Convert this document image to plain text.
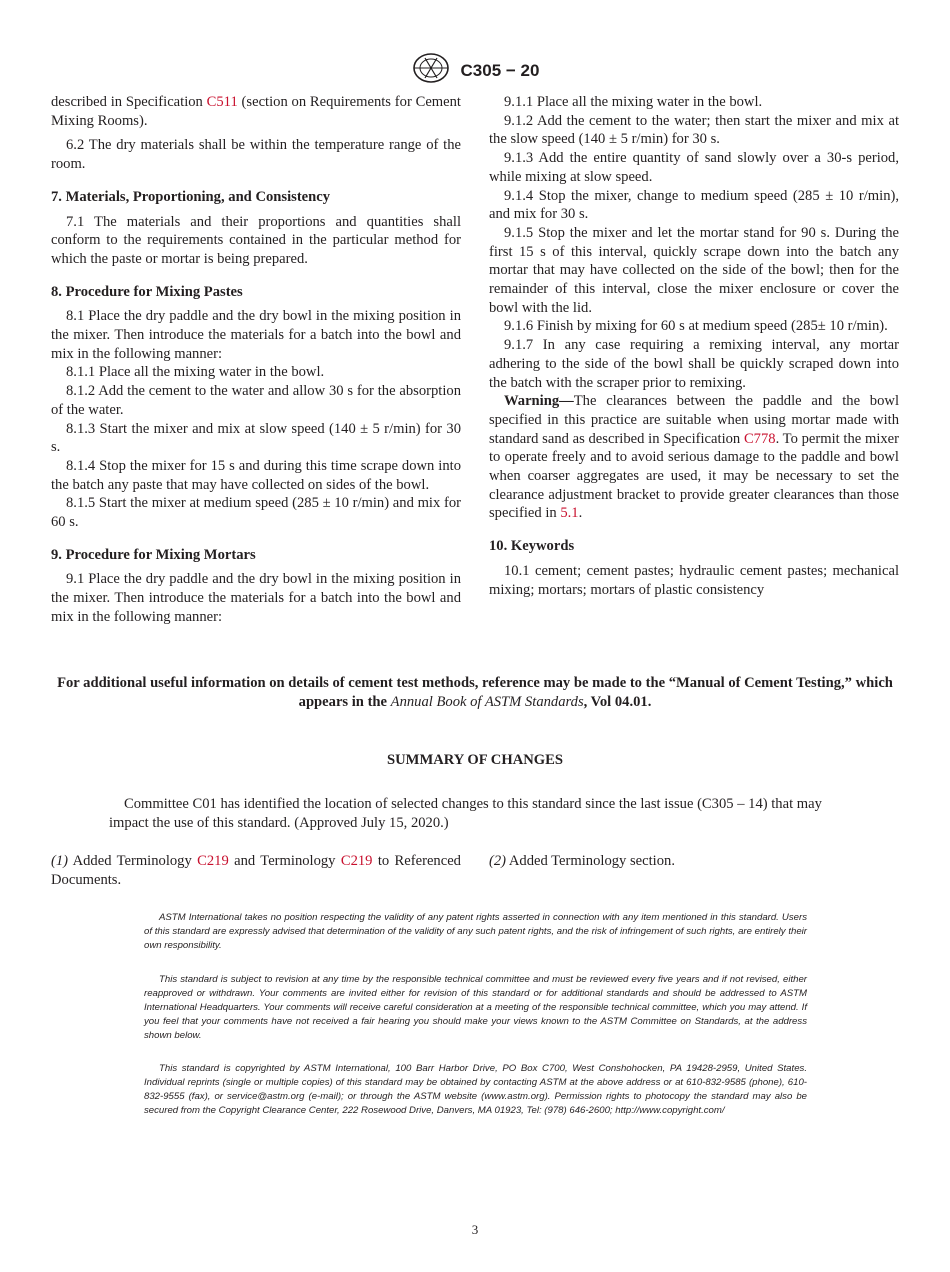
C305 − 20

described in Specification C511 (section on Requirements for Cement Mixing Rooms).

6.2 The dry materials shall be within the temperature range of the room.

7. Materials, Proportioning, and Consistency

7.1 The materials and their proportions and quantities shall conform to the requirements contained in the particular method for which the paste or mortar is being prepared.

8. Procedure for Mixing Pastes

8.1 Place the dry paddle and the dry bowl in the mixing position in the mixer. Then introduce the materials for a batch into the bowl and mix in the following manner:

8.1.1 Place all the mixing water in the bowl.

8.1.2 Add the cement to the water and allow 30 s for the absorption of the water.

8.1.3 Start the mixer and mix at slow speed (140 ± 5 r/min) for 30 s.

8.1.4 Stop the mixer for 15 s and during this time scrape down into the batch any paste that may have collected on sides of the bowl.

8.1.5 Start the mixer at medium speed (285 ± 10 r/min) and mix for 60 s.

9. Procedure for Mixing Mortars

9.1 Place the dry paddle and the dry bowl in the mixing position in the mixer. Then introduce the materials for a batch into the bowl and mix in the following manner:

9.1.1 Place all the mixing water in the bowl.

9.1.2 Add the cement to the water; then start the mixer and mix at the slow speed (140 ± 5 r/min) for 30 s.

9.1.3 Add the entire quantity of sand slowly over a 30-s period, while mixing at slow speed.

9.1.4 Stop the mixer, change to medium speed (285 ± 10 r/min), and mix for 30 s.

9.1.5 Stop the mixer and let the mortar stand for 90 s. During the first 15 s of this interval, quickly scrape down into the batch any mortar that may have collected on the side of the bowl; then for the remainder of this interval, close the mixer enclosure or cover the bowl with the lid.

9.1.6 Finish by mixing for 60 s at medium speed (285± 10 r/min).

9.1.7 In any case requiring a remixing interval, any mortar adhering to the side of the bowl shall be quickly scraped down into the batch with the scraper prior to remixing.

Warning—The clearances between the paddle and the bowl specified in this practice are suitable when using mortar made with standard sand as described in Specification C778. To permit the mixer to operate freely and to avoid serious damage to the paddle and bowl when coarser aggregates are used, it may be necessary to set the clearance adjustment bracket to provide greater clearances than those specified in 5.1.

10. Keywords

10.1 cement; cement pastes; hydraulic cement pastes; mechanical mixing; mortars; mortars of plastic consistency

For additional useful information on details of cement test methods, reference may be made to the “Manual of Cement Testing,” which appears in the Annual Book of ASTM Standards, Vol 04.01.
SUMMARY OF CHANGES
Committee C01 has identified the location of selected changes to this standard since the last issue (C305 – 14) that may impact the use of this standard. (Approved July 15, 2020.)
(1) Added Terminology C219 and Terminology C219 to Referenced Documents.
(2) Added Terminology section.
ASTM International takes no position respecting the validity of any patent rights asserted in connection with any item mentioned in this standard. Users of this standard are expressly advised that determination of the validity of any such patent rights, and the risk of infringement of such rights, are entirely their own responsibility.
This standard is subject to revision at any time by the responsible technical committee and must be reviewed every five years and if not revised, either reapproved or withdrawn. Your comments are invited either for revision of this standard or for additional standards and should be addressed to ASTM International Headquarters. Your comments will receive careful consideration at a meeting of the responsible technical committee, which you may attend. If you feel that your comments have not received a fair hearing you should make your views known to the ASTM Committee on Standards, at the address shown below.
This standard is copyrighted by ASTM International, 100 Barr Harbor Drive, PO Box C700, West Conshohocken, PA 19428-2959, United States. Individual reprints (single or multiple copies) of this standard may be obtained by contacting ASTM at the above address or at 610-832-9585 (phone), 610-832-9555 (fax), or service@astm.org (e-mail); or through the ASTM website (www.astm.org). Permission rights to photocopy the standard may also be secured from the Copyright Clearance Center, 222 Rosewood Drive, Danvers, MA 01923, Tel: (978) 646-2600; http://www.copyright.com/
3
